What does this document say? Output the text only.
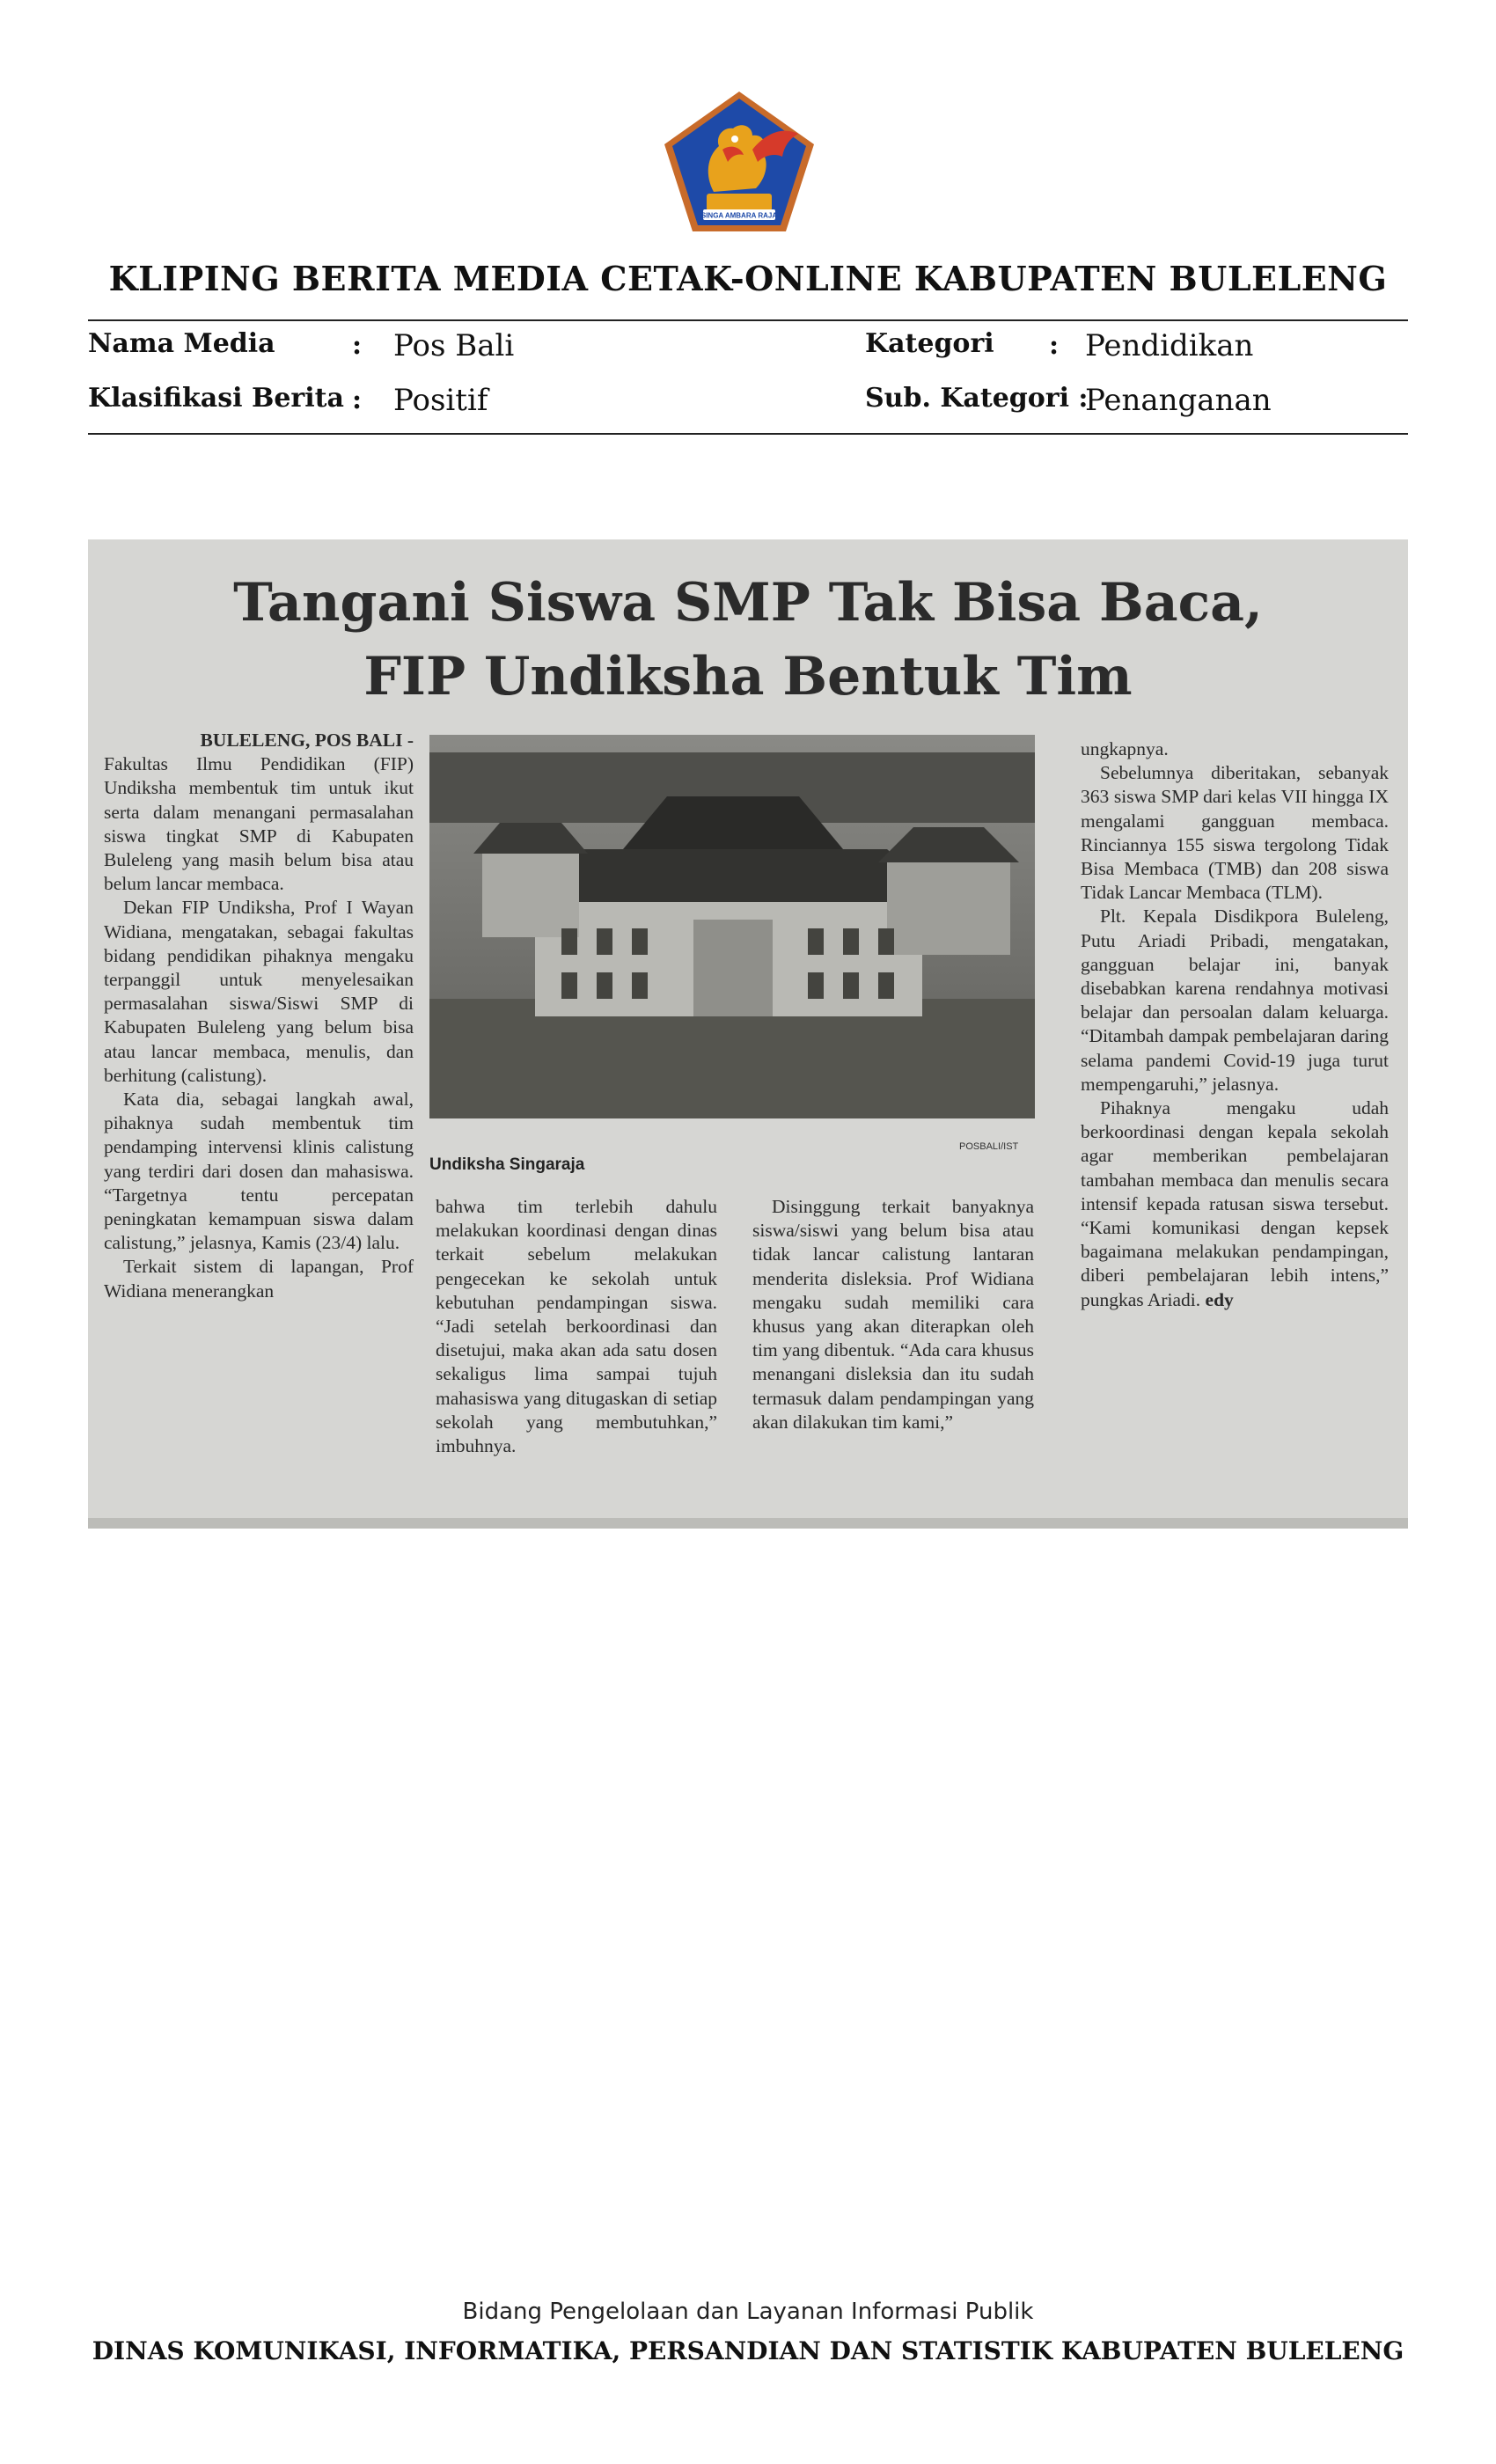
SINGA AMBARA RAJA
KLIPING BERITA MEDIA CETAK-ONLINE KABUPATEN BULELENG
Nama Media	: Pos Bali	Kategori : Pendidikan
Klasifikasi Berita : Positif	Sub. Kategori :
Penanganan
Tangani Siswa SMP Tak Bisa Baca,
FIP Undiksha Bentuk Tim

BULELENG, POS BALI -

Fakultas Ilmu Pendidikan (FIP) Undiksha membentuk tim untuk ikut serta dalam menangani permasalahan siswa tingkat SMP di Kabupaten Buleleng yang masih belum bisa atau belum lancar membaca.

Dekan FIP Undiksha, Prof I Wayan Widiana, mengatakan, sebagai fakultas bidang pendidikan pihaknya mengaku terpanggil untuk menyelesaikan permasalahan siswa/Siswi SMP di Kabupaten Buleleng yang belum bisa atau lancar membaca, menulis, dan berhitung (calistung).

Kata dia, sebagai langkah awal, pihaknya sudah membentuk tim pendamping intervensi klinis calistung yang terdiri dari dosen dan mahasiswa. “Targetnya tentu percepatan peningkatan kemampuan siswa dalam calistung,” jelasnya, Kamis (23/4) lalu.

Terkait sistem di lapangan, Prof Widiana menerangkan

POSBALI/IST
Undiksha Singaraja

bahwa tim terlebih dahulu melakukan koordinasi dengan dinas terkait sebelum melakukan pengecekan ke sekolah untuk kebutuhan pendampingan siswa. “Jadi setelah berkoordinasi dan disetujui, maka akan ada satu dosen sekaligus lima sampai tujuh mahasiswa yang ditugaskan di setiap sekolah yang membutuhkan,” imbuhnya.

Disinggung terkait banyaknya siswa/siswi yang belum bisa atau tidak lancar calistung lantaran menderita disleksia. Prof Widiana mengaku sudah memiliki cara khusus yang akan diterapkan oleh tim yang dibentuk. “Ada cara khusus menangani disleksia dan itu sudah termasuk dalam pendampingan yang akan dilakukan tim kami,”

ungkapnya.

Sebelumnya diberitakan, sebanyak 363 siswa SMP dari kelas VII hingga IX mengalami gangguan membaca. Rinciannya 155 siswa tergolong Tidak Bisa Membaca (TMB) dan 208 siswa Tidak Lancar Membaca (TLM).

Plt. Kepala Disdikpora Buleleng, Putu Ariadi Pribadi, mengatakan, gangguan belajar ini, banyak disebabkan karena rendahnya motivasi belajar dan persoalan dalam keluarga. “Ditambah dampak pembelajaran daring selama pandemi Covid-19 juga turut mempengaruhi,” jelasnya.

Pihaknya mengaku udah berkoordinasi dengan kepala sekolah agar memberikan pembelajaran tambahan membaca dan menulis secara intensif kepada ratusan siswa tersebut. “Kami komunikasi dengan kepsek bagaimana melakukan pendampingan, diberi pembelajaran lebih intens,” pungkas Ariadi. edy

Bidang Pengelolaan dan Layanan Informasi Publik
DINAS KOMUNIKASI, INFORMATIKA, PERSANDIAN DAN STATISTIK KABUPATEN BULELENG
